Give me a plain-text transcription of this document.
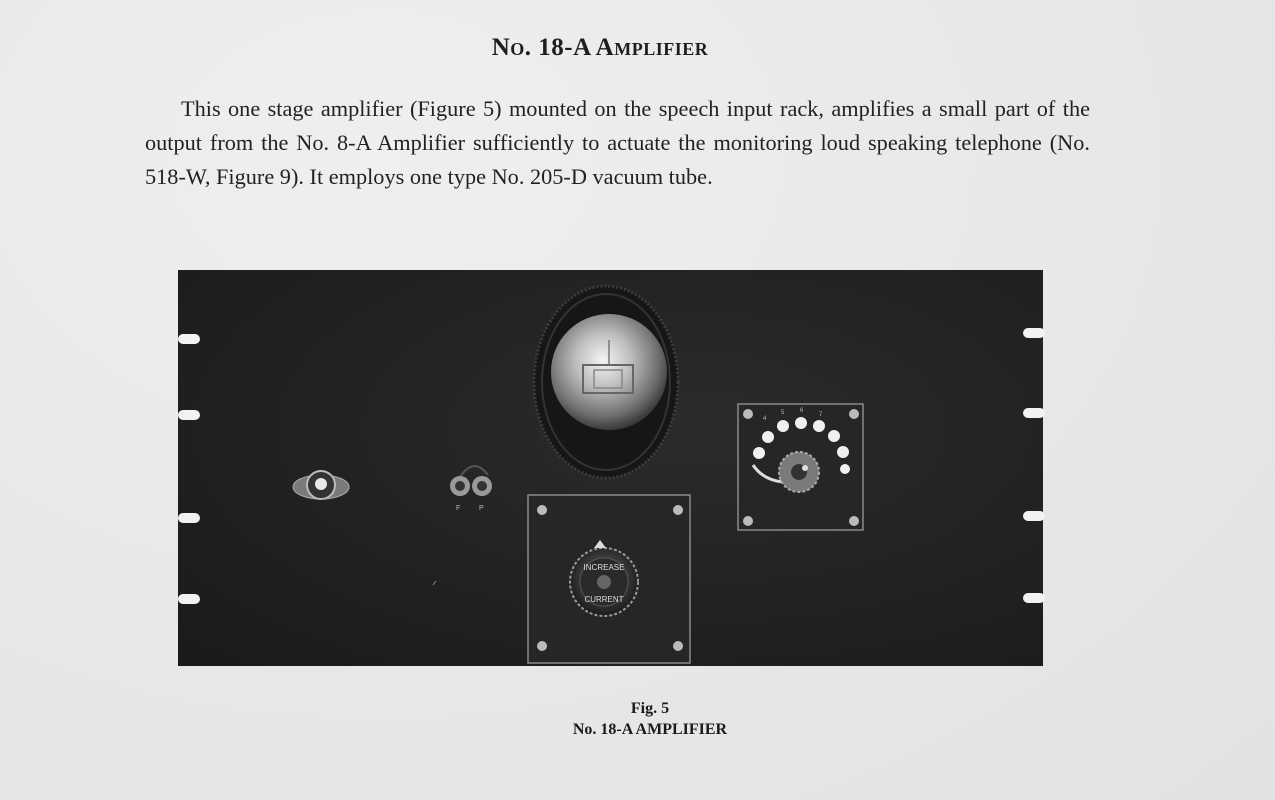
No. 18-A Amplifier
This one stage amplifier (Figure 5) mounted on the speech input rack, amplifies a small part of the output from the No. 8-A Amplifier sufficiently to actuate the monitoring loud speaking telephone (No. 518-W, Figure 9). It employs one type No. 205-D vacuum tube.
F	P
INCREASE
CURRENT
4
5	6
7
Fig. 5
No. 18-A AMPLIFIER
